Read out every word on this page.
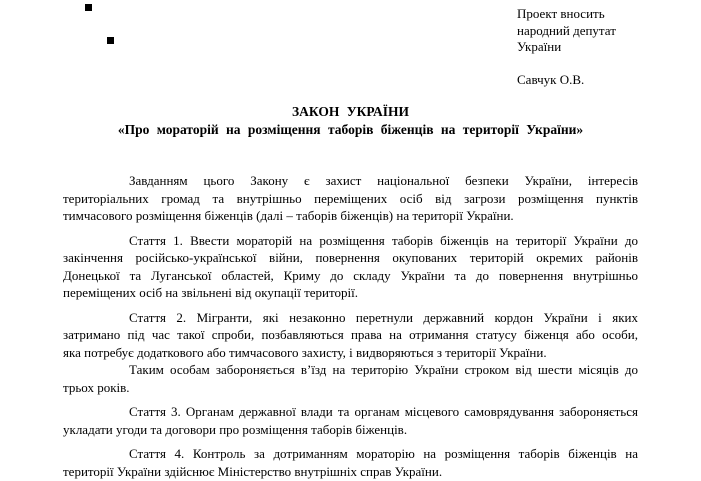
Проект вносить
народний депутат
України

Савчук О.В.
ЗАКОН УКРАЇНИ
«Про мораторій на розміщення таборів біженців на території України»
Завданням цього Закону є захист національної безпеки України, інтересів
територіальних громад та внутрішньо переміщених осіб від загрози розміщення пунктів
тимчасового розміщення біженців (далі – таборів біженців) на території України.
Стаття 1. Ввести мораторій на розміщення таборів біженців на території України до
закінчення російсько-української війни, повернення окупованих територій окремих районів
Донецької та Луганської областей, Криму до складу України та до повернення внутрішньо
переміщених осіб на звільнені від окупації території.
Стаття 2. Мігранти, які незаконно перетнули державний кордон України і яких
затримано під час такої спроби, позбавляються права на отримання статусу біженця або особи,
яка потребує додаткового або тимчасового захисту, і видворяються з території України.
Таким особам забороняється в’їзд на територію України строком від шести місяців до
трьох років.
Стаття 3. Органам державної влади та органам місцевого самоврядування забороняється
укладати угоди та договори про розміщення таборів біженців.
Стаття 4. Контроль за дотриманням мораторію на розміщення таборів біженців на
території України здійснює Міністерство внутрішніх справ України.
